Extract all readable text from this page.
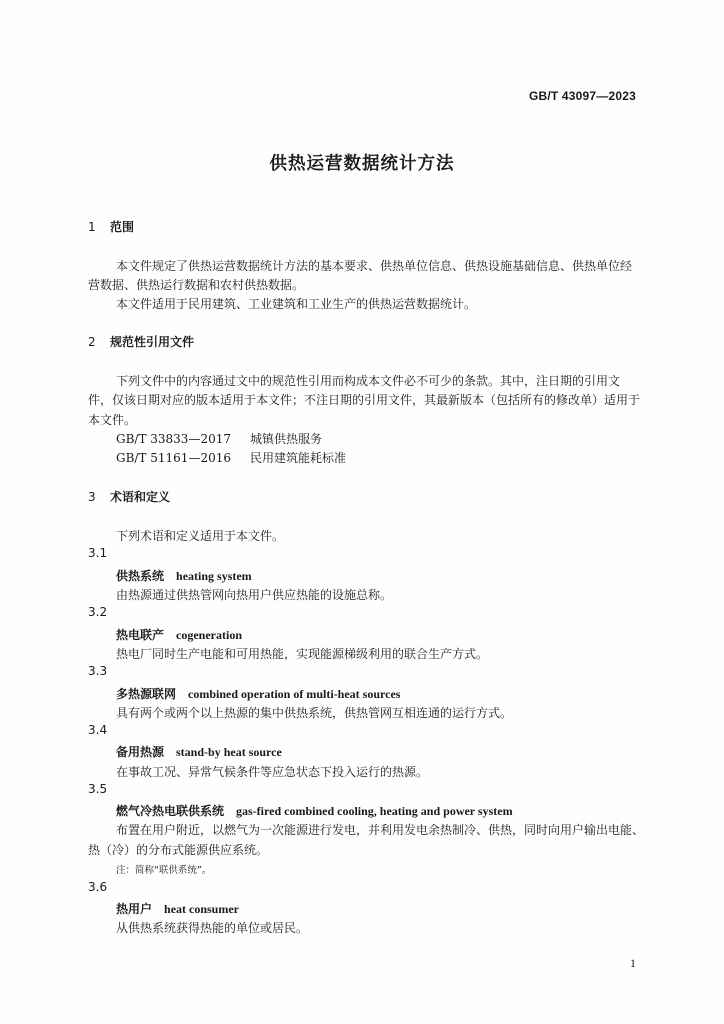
GB/T 43097—2023
供热运营数据统计方法
1 范围
本文件规定了供热运营数据统计方法的基本要求、供热单位信息、供热设施基础信息、供热单位经
营数据、供热运行数据和农村供热数据。
本文件适用于民用建筑、工业建筑和工业生产的供热运营数据统计。
2 规范性引用文件
下列文件中的内容通过文中的规范性引用而构成本文件必不可少的条款。其中，注日期的引用文
件，仅该日期对应的版本适用于本文件；不注日期的引用文件，其最新版本（包括所有的修改单）适用于
本文件。
GB/T 33833—2017 城镇供热服务
GB/T 51161—2016 民用建筑能耗标准
3 术语和定义
下列术语和定义适用于本文件。
3.1
供热系统 heating system
由热源通过供热管网向热用户供应热能的设施总称。
3.2
热电联产 cogeneration
热电厂同时生产电能和可用热能，实现能源梯级利用的联合生产方式。
3.3
多热源联网 combined operation of multi-heat sources
具有两个或两个以上热源的集中供热系统，供热管网互相连通的运行方式。
3.4
备用热源 stand-by heat source
在事故工况、异常气候条件等应急状态下投入运行的热源。
3.5
燃气冷热电联供系统 gas-fired combined cooling, heating and power system
布置在用户附近，以燃气为一次能源进行发电，并利用发电余热制冷、供热，同时向用户输出电能、
热（冷）的分布式能源供应系统。
注：简称“联供系统”。
3.6
热用户 heat consumer
从供热系统获得热能的单位或居民。
1
